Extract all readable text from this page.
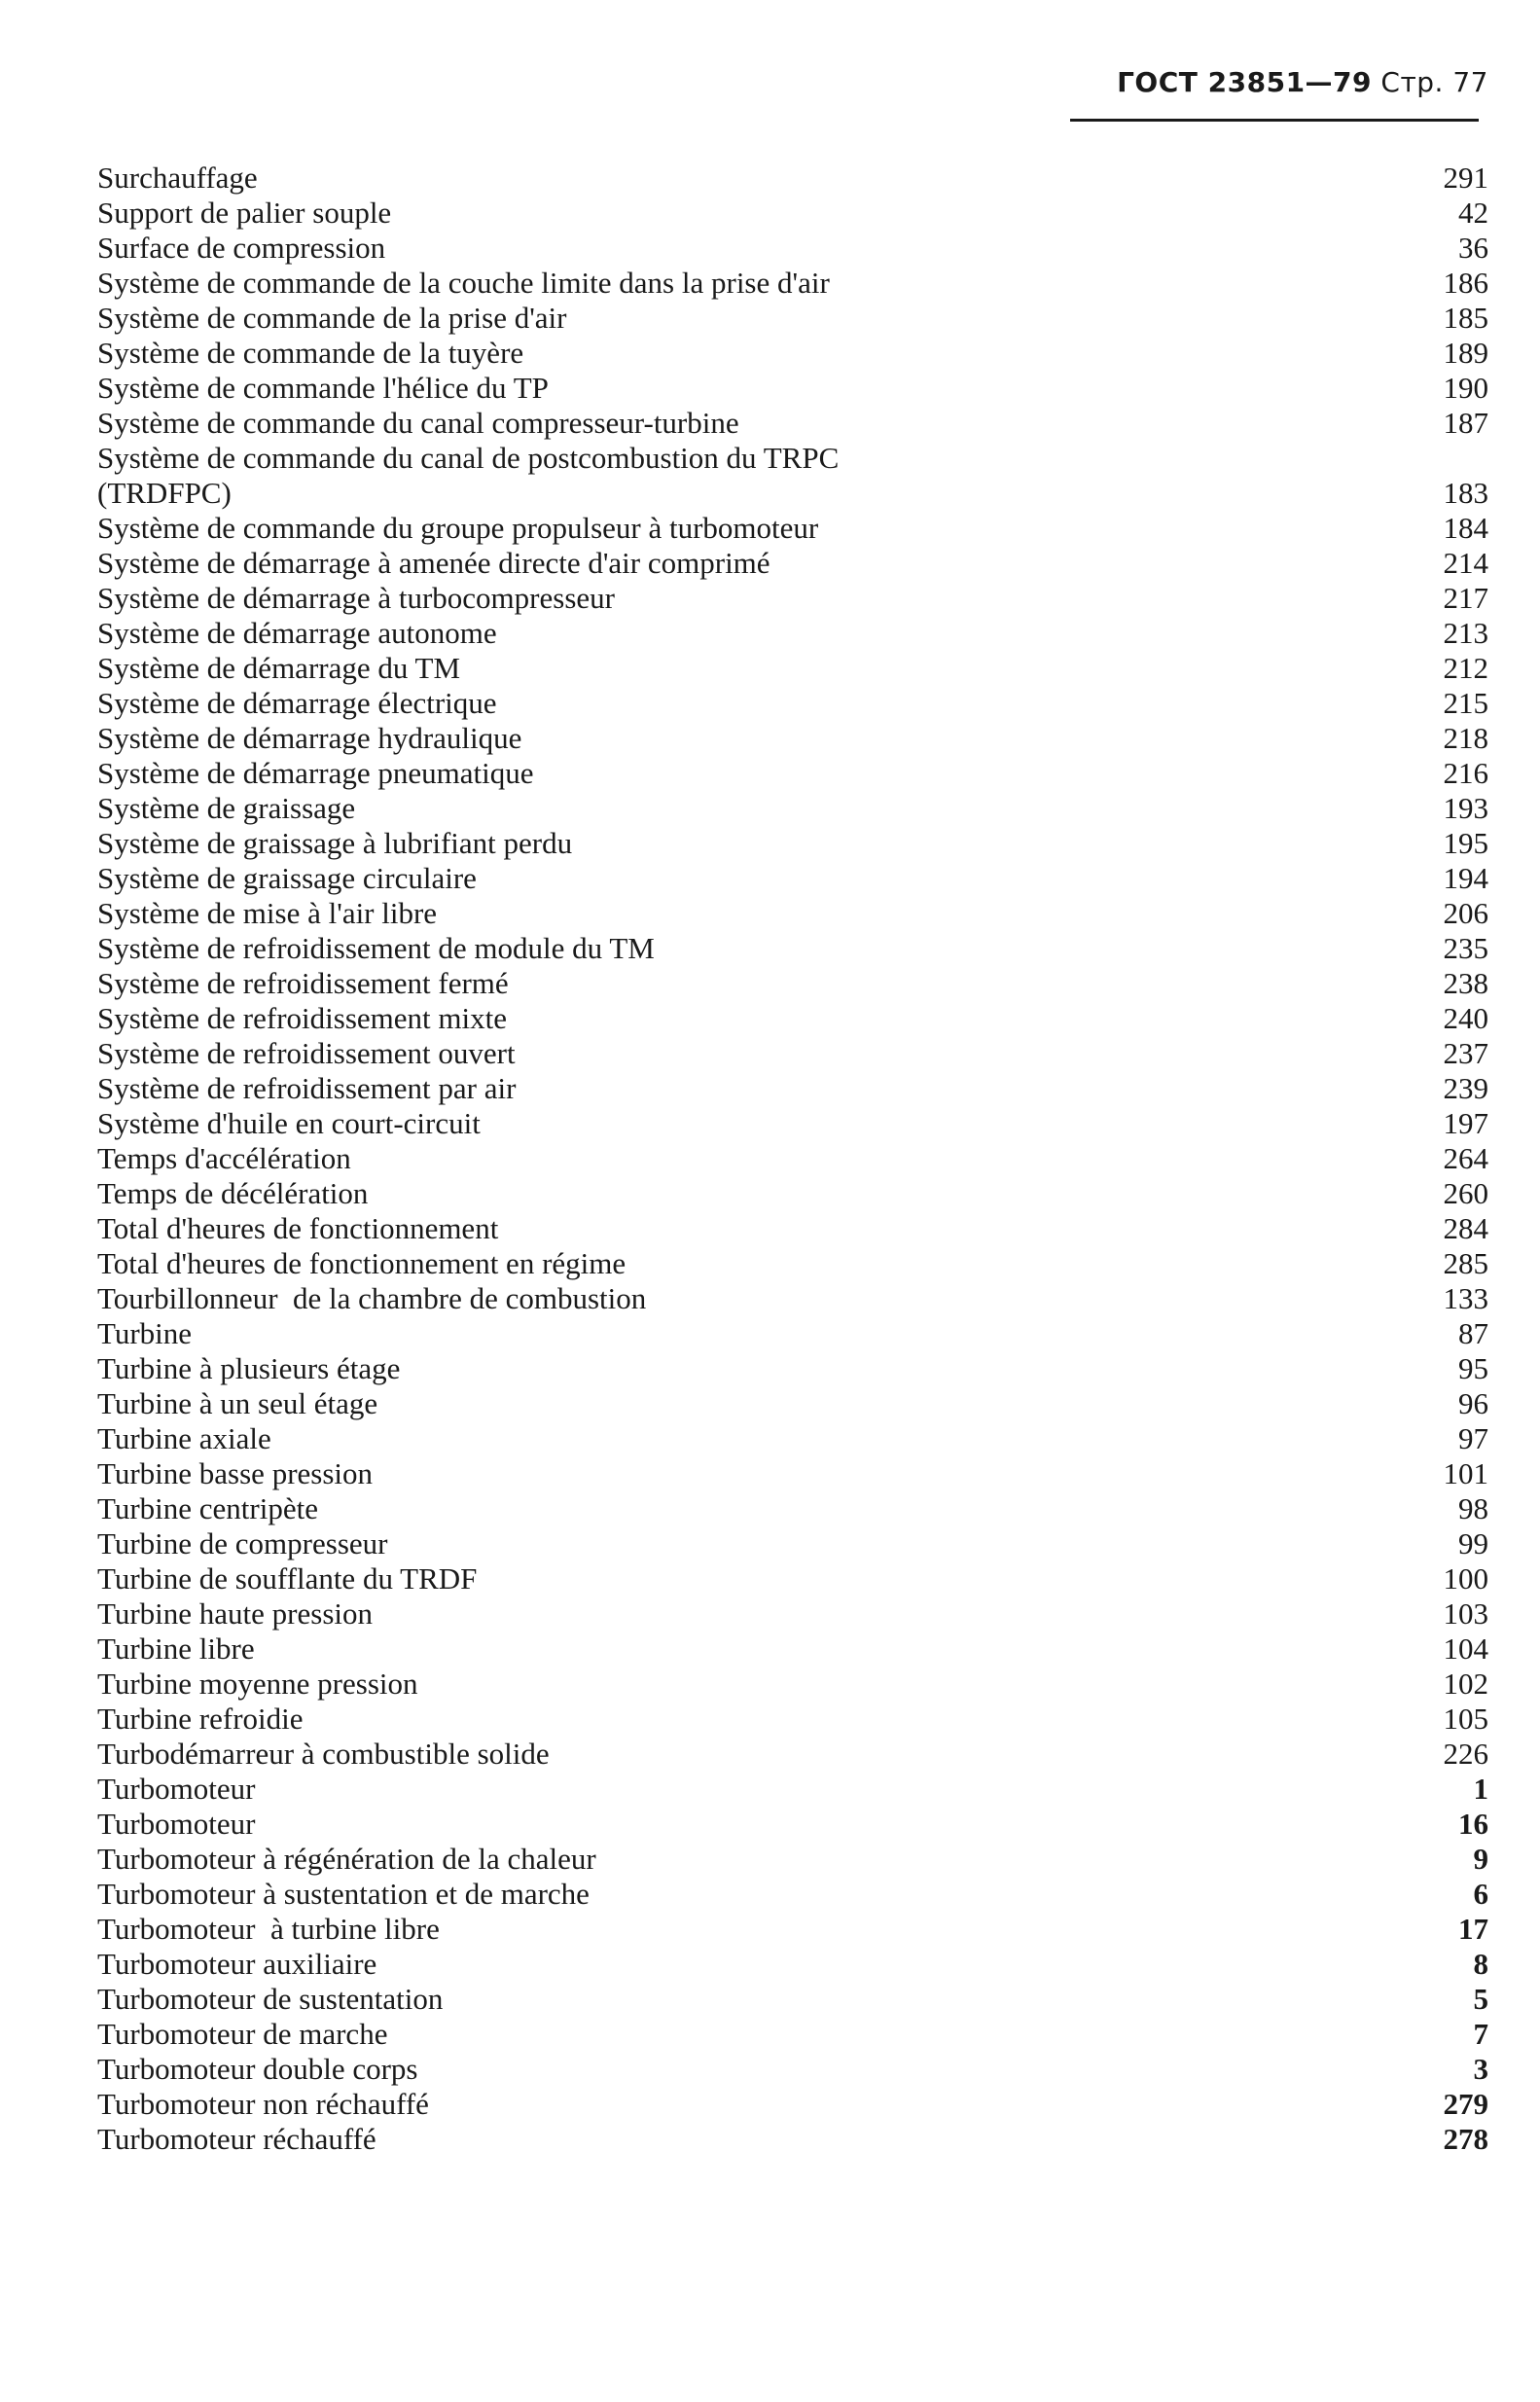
ГОСТ 23851—79 Стр. 77
Surchauffage	291
Support de palier souple	42
Surface de compression	36
Système de commande de la couche limite dans la prise d'air	186
Système de commande de la prise d'air	185
Système de commande de la tuyère	189
Système de commande l'hélice du TP	190
Système de commande du canal compresseur-turbine	187
Système de commande du canal de postcombustion du TRPC
(TRDFPC)	183
Système de commande du groupe propulseur à turbomoteur	184
Système de démarrage à amenée directe d'air comprimé	214
Système de démarrage à turbocompresseur	217
Système de démarrage autonome	213
Système de démarrage du TM	212
Système de démarrage électrique	215
Système de démarrage hydraulique	218
Système de démarrage pneumatique	216
Système de graissage	193
Système de graissage à lubrifiant perdu	195
Système de graissage circulaire	194
Système de mise à l'air libre	206
Système de refroidissement de module du TM	235
Système de refroidissement fermé	238
Système de refroidissement mixte	240
Système de refroidissement ouvert	237
Système de refroidissement par air	239
Système d'huile en court-circuit	197
Temps d'accélération	264
Temps de décélération	260
Total d'heures de fonctionnement	284
Total d'heures de fonctionnement en régime	285
Tourbillonneur  de la chambre de combustion	133
Turbine	87
Turbine à plusieurs étage	95
Turbine à un seul étage	96
Turbine axiale	97
Turbine basse pression	101
Turbine centripète	98
Turbine de compresseur	99
Turbine de soufflante du TRDF	100
Turbine haute pression	103
Turbine libre	104
Turbine moyenne pression	102
Turbine refroidie	105
Turbodémarreur à combustible solide	226
Turbomoteur	1
Turbomoteur	16
Turbomoteur à régénération de la chaleur	9
Turbomoteur à sustentation et de marche	6
Turbomoteur  à turbine libre	17
Turbomoteur auxiliaire	8
Turbomoteur de sustentation	5
Turbomoteur de marche	7
Turbomoteur double corps	3
Turbomoteur non réchauffé	279
Turbomoteur réchauffé	278
